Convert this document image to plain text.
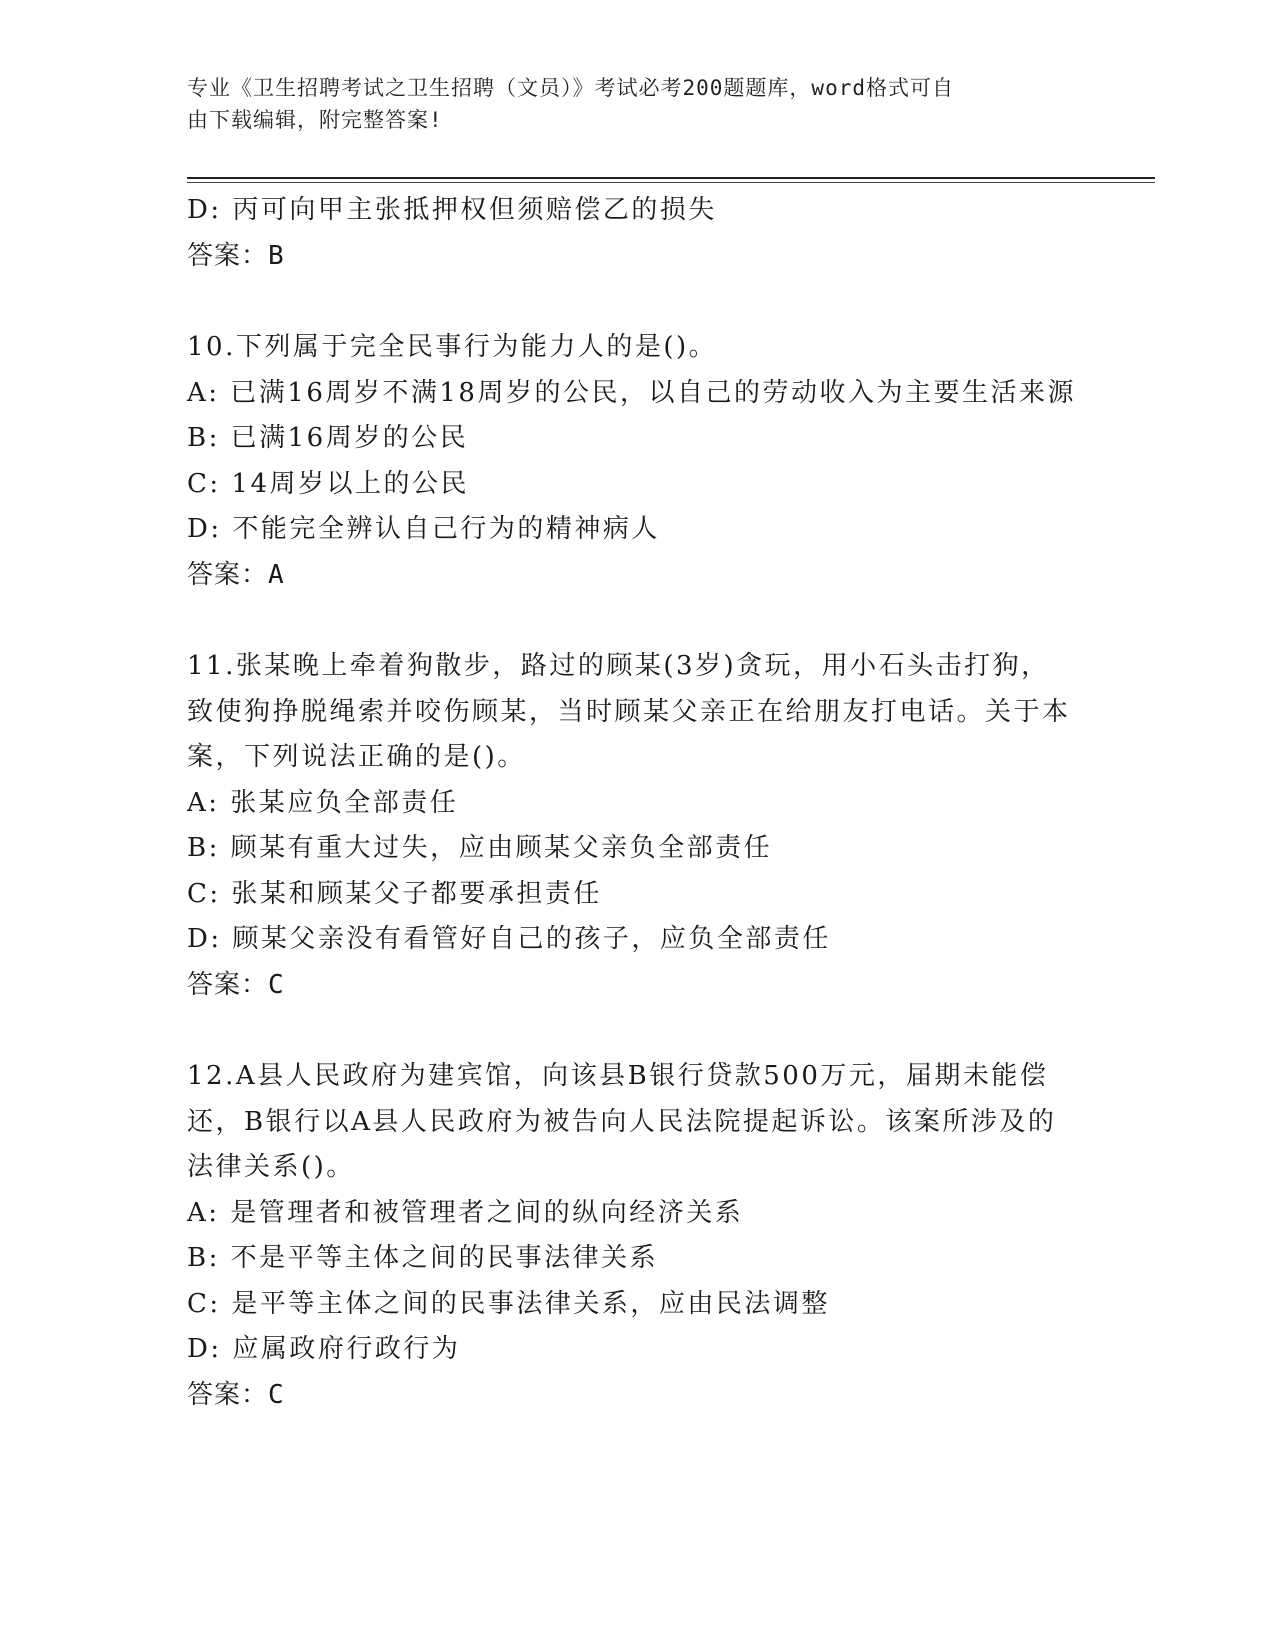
专业《卫生招聘考试之卫生招聘（文员）》考试必考200题题库，word格式可自
由下载编辑，附完整答案!
D: 丙可向甲主张抵押权但须赔偿乙的损失
答案：B
10.下列属于完全民事行为能力人的是()。
A: 已满16周岁不满18周岁的公民，以自己的劳动收入为主要生活来源
B: 已满16周岁的公民
C: 14周岁以上的公民
D: 不能完全辨认自己行为的精神病人
答案：A
11.张某晚上牵着狗散步，路过的顾某(3岁)贪玩，用小石头击打狗，致使狗挣脱绳索并咬伤顾某，当时顾某父亲正在给朋友打电话。关于本案，下列说法正确的是()。
A: 张某应负全部责任
B: 顾某有重大过失，应由顾某父亲负全部责任
C: 张某和顾某父子都要承担责任
D: 顾某父亲没有看管好自己的孩子，应负全部责任
答案：C
12.A县人民政府为建宾馆，向该县B银行贷款500万元，届期未能偿还，B银行以A县人民政府为被告向人民法院提起诉讼。该案所涉及的法律关系()。
A: 是管理者和被管理者之间的纵向经济关系
B: 不是平等主体之间的民事法律关系
C: 是平等主体之间的民事法律关系，应由民法调整
D: 应属政府行政行为
答案：C
